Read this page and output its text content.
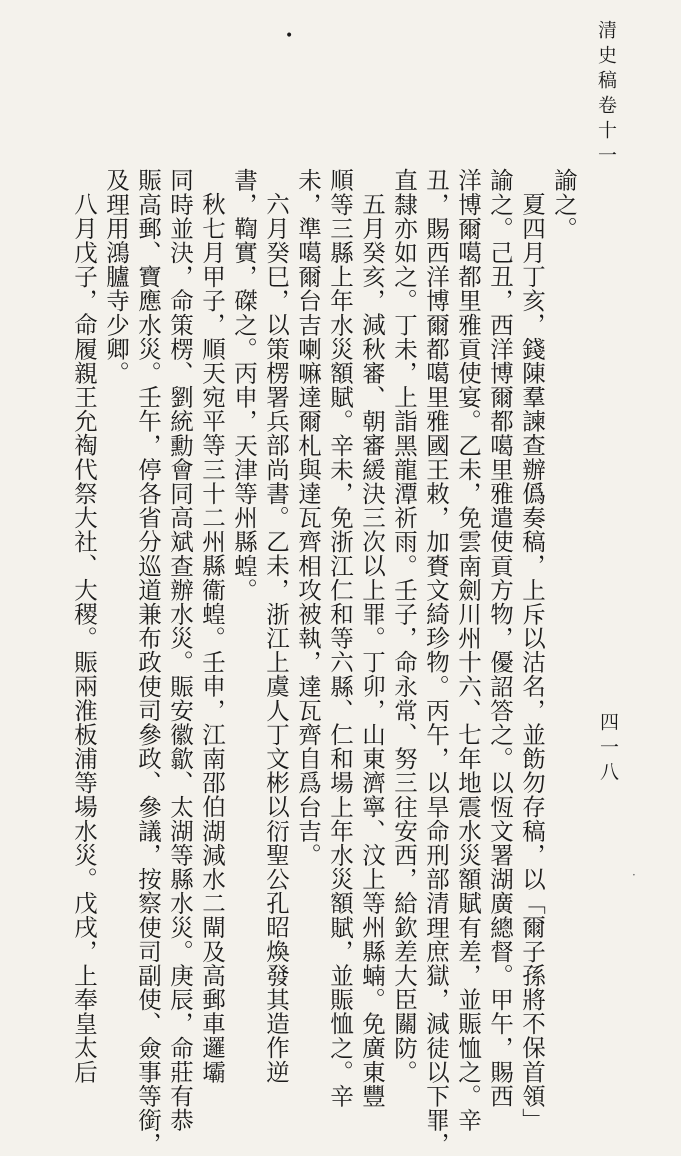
清史稿卷十一
四一八
•
·
諭之。
夏四月丁亥，錢陳羣諫查辦僞奏稿，上斥以沽名，並飭勿存稿，以「爾子孫將不保首領」
諭之。己丑，西洋博爾都噶里雅遣使貢方物，優詔答之。以恆文署湖廣總督。甲午，賜西
洋博爾噶都里雅貢使宴。乙未，免雲南劍川州十六、七年地震水災額賦有差，並賑恤之。辛
丑，賜西洋博爾都噶里雅國王敕，加賚文綺珍物。丙午，以旱命刑部清理庶獄，減徒以下罪，
直隸亦如之。丁未，上詣黑龍潭祈雨。壬子，命永常、努三往安西，給欽差大臣關防。
五月癸亥，減秋審、朝審緩決三次以上罪。丁卯，山東濟寧、汶上等州縣蝻。免廣東豐
順等三縣上年水災額賦。辛未，免浙江仁和等六縣、仁和場上年水災額賦，並賑恤之。辛
未，準噶爾台吉喇嘛達爾札與達瓦齊相攻被執，達瓦齊自爲台吉。
六月癸巳，以策楞署兵部尚書。乙未，浙江上虞人丁文彬以衍聖公孔昭煥發其造作逆
書，鞫實，磔之。丙申，天津等州縣蝗。
秋七月甲子，順天宛平等三十二州縣衞蝗。壬申，江南邵伯湖減水二閘及高郵車邏壩
同時並決，命策楞、劉統勳會同高斌查辦水災。賑安徽歙、太湖等縣水災。庚辰，命莊有恭
賑高郵、寶應水災。壬午，停各省分巡道兼布政使司參政、參議，按察使司副使、僉事等銜，
及理用鴻臚寺少卿。
八月戊子，命履親王允祹代祭大社、大稷。賑兩淮板浦等場水災。戊戌，上奉皇太后
